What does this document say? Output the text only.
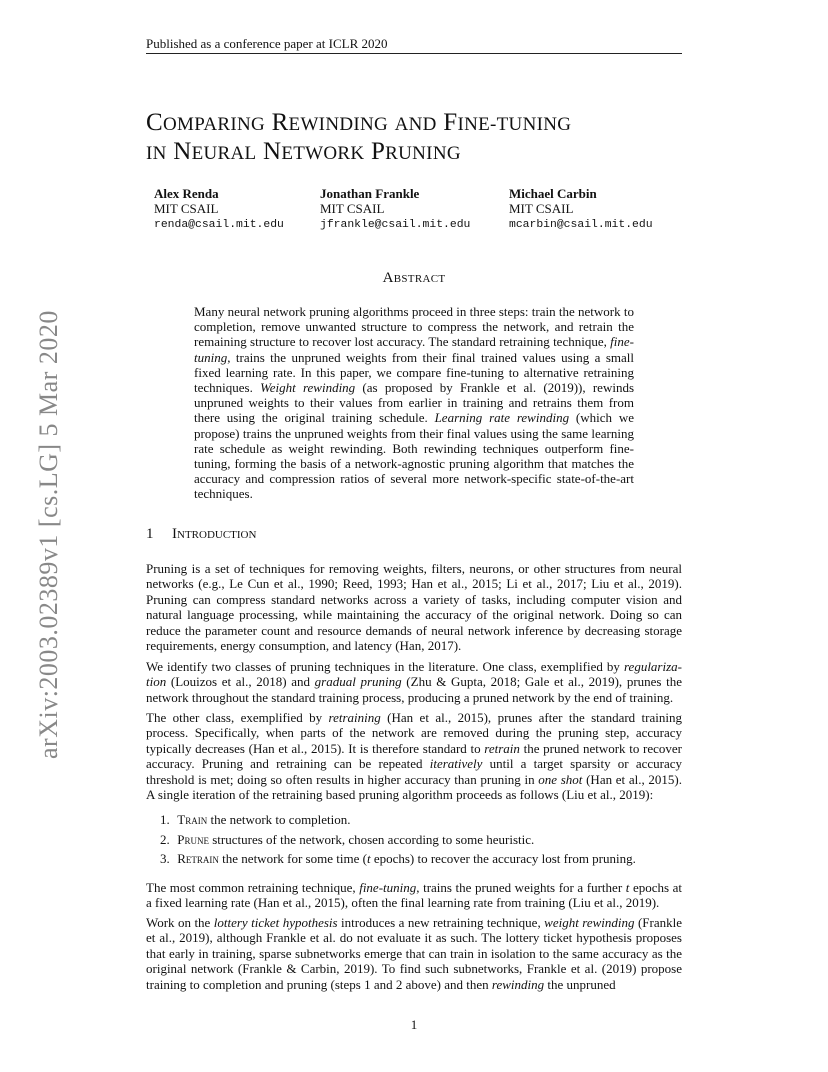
Published as a conference paper at ICLR 2020
COMPARING REWINDING AND FINE-TUNING
IN NEURAL NETWORK PRUNING
Alex Renda
MIT CSAIL
renda@csail.mit.edu
Jonathan Frankle
MIT CSAIL
jfrankle@csail.mit.edu
Michael Carbin
MIT CSAIL
mcarbin@csail.mit.edu
Abstract
Many neural network pruning algorithms proceed in three steps: train the network to completion, remove unwanted structure to compress the network, and retrain the remaining structure to recover lost accuracy. The standard retraining technique, fine-tuning, trains the unpruned weights from their final trained values using a small fixed learning rate. In this paper, we compare fine-tuning to alternative retraining techniques. Weight rewinding (as proposed by Frankle et al. (2019)), rewinds unpruned weights to their values from earlier in training and retrains them from there using the original training schedule. Learning rate rewinding (which we propose) trains the unpruned weights from their final values using the same learning rate schedule as weight rewinding. Both rewinding techniques outperform fine-tuning, forming the basis of a network-agnostic pruning algorithm that matches the accuracy and compression ratios of several more network-specific state-of-the-art techniques.
1 Introduction
Pruning is a set of techniques for removing weights, filters, neurons, or other structures from neural networks (e.g., Le Cun et al., 1990; Reed, 1993; Han et al., 2015; Li et al., 2017; Liu et al., 2019). Pruning can compress standard networks across a variety of tasks, including computer vision and natural language processing, while maintaining the accuracy of the original network. Doing so can reduce the parameter count and resource demands of neural network inference by decreasing storage requirements, energy consumption, and latency (Han, 2017).
We identify two classes of pruning techniques in the literature. One class, exemplified by regulariza-tion (Louizos et al., 2018) and gradual pruning (Zhu & Gupta, 2018; Gale et al., 2019), prunes the network throughout the standard training process, producing a pruned network by the end of training.
The other class, exemplified by retraining (Han et al., 2015), prunes after the standard training process. Specifically, when parts of the network are removed during the pruning step, accuracy typically decreases (Han et al., 2015). It is therefore standard to retrain the pruned network to recover accuracy. Pruning and retraining can be repeated iteratively until a target sparsity or accuracy threshold is met; doing so often results in higher accuracy than pruning in one shot (Han et al., 2015). A single iteration of the retraining based pruning algorithm proceeds as follows (Liu et al., 2019):
1. Train the network to completion.
2. Prune structures of the network, chosen according to some heuristic.
3. Retrain the network for some time (t epochs) to recover the accuracy lost from pruning.
The most common retraining technique, fine-tuning, trains the pruned weights for a further t epochs at a fixed learning rate (Han et al., 2015), often the final learning rate from training (Liu et al., 2019).
Work on the lottery ticket hypothesis introduces a new retraining technique, weight rewinding (Frankle et al., 2019), although Frankle et al. do not evaluate it as such. The lottery ticket hypothesis proposes that early in training, sparse subnetworks emerge that can train in isolation to the same accuracy as the original network (Frankle & Carbin, 2019). To find such subnetworks, Frankle et al. (2019) propose training to completion and pruning (steps 1 and 2 above) and then rewinding the unpruned
1
arXiv:2003.02389v1 [cs.LG] 5 Mar 2020
